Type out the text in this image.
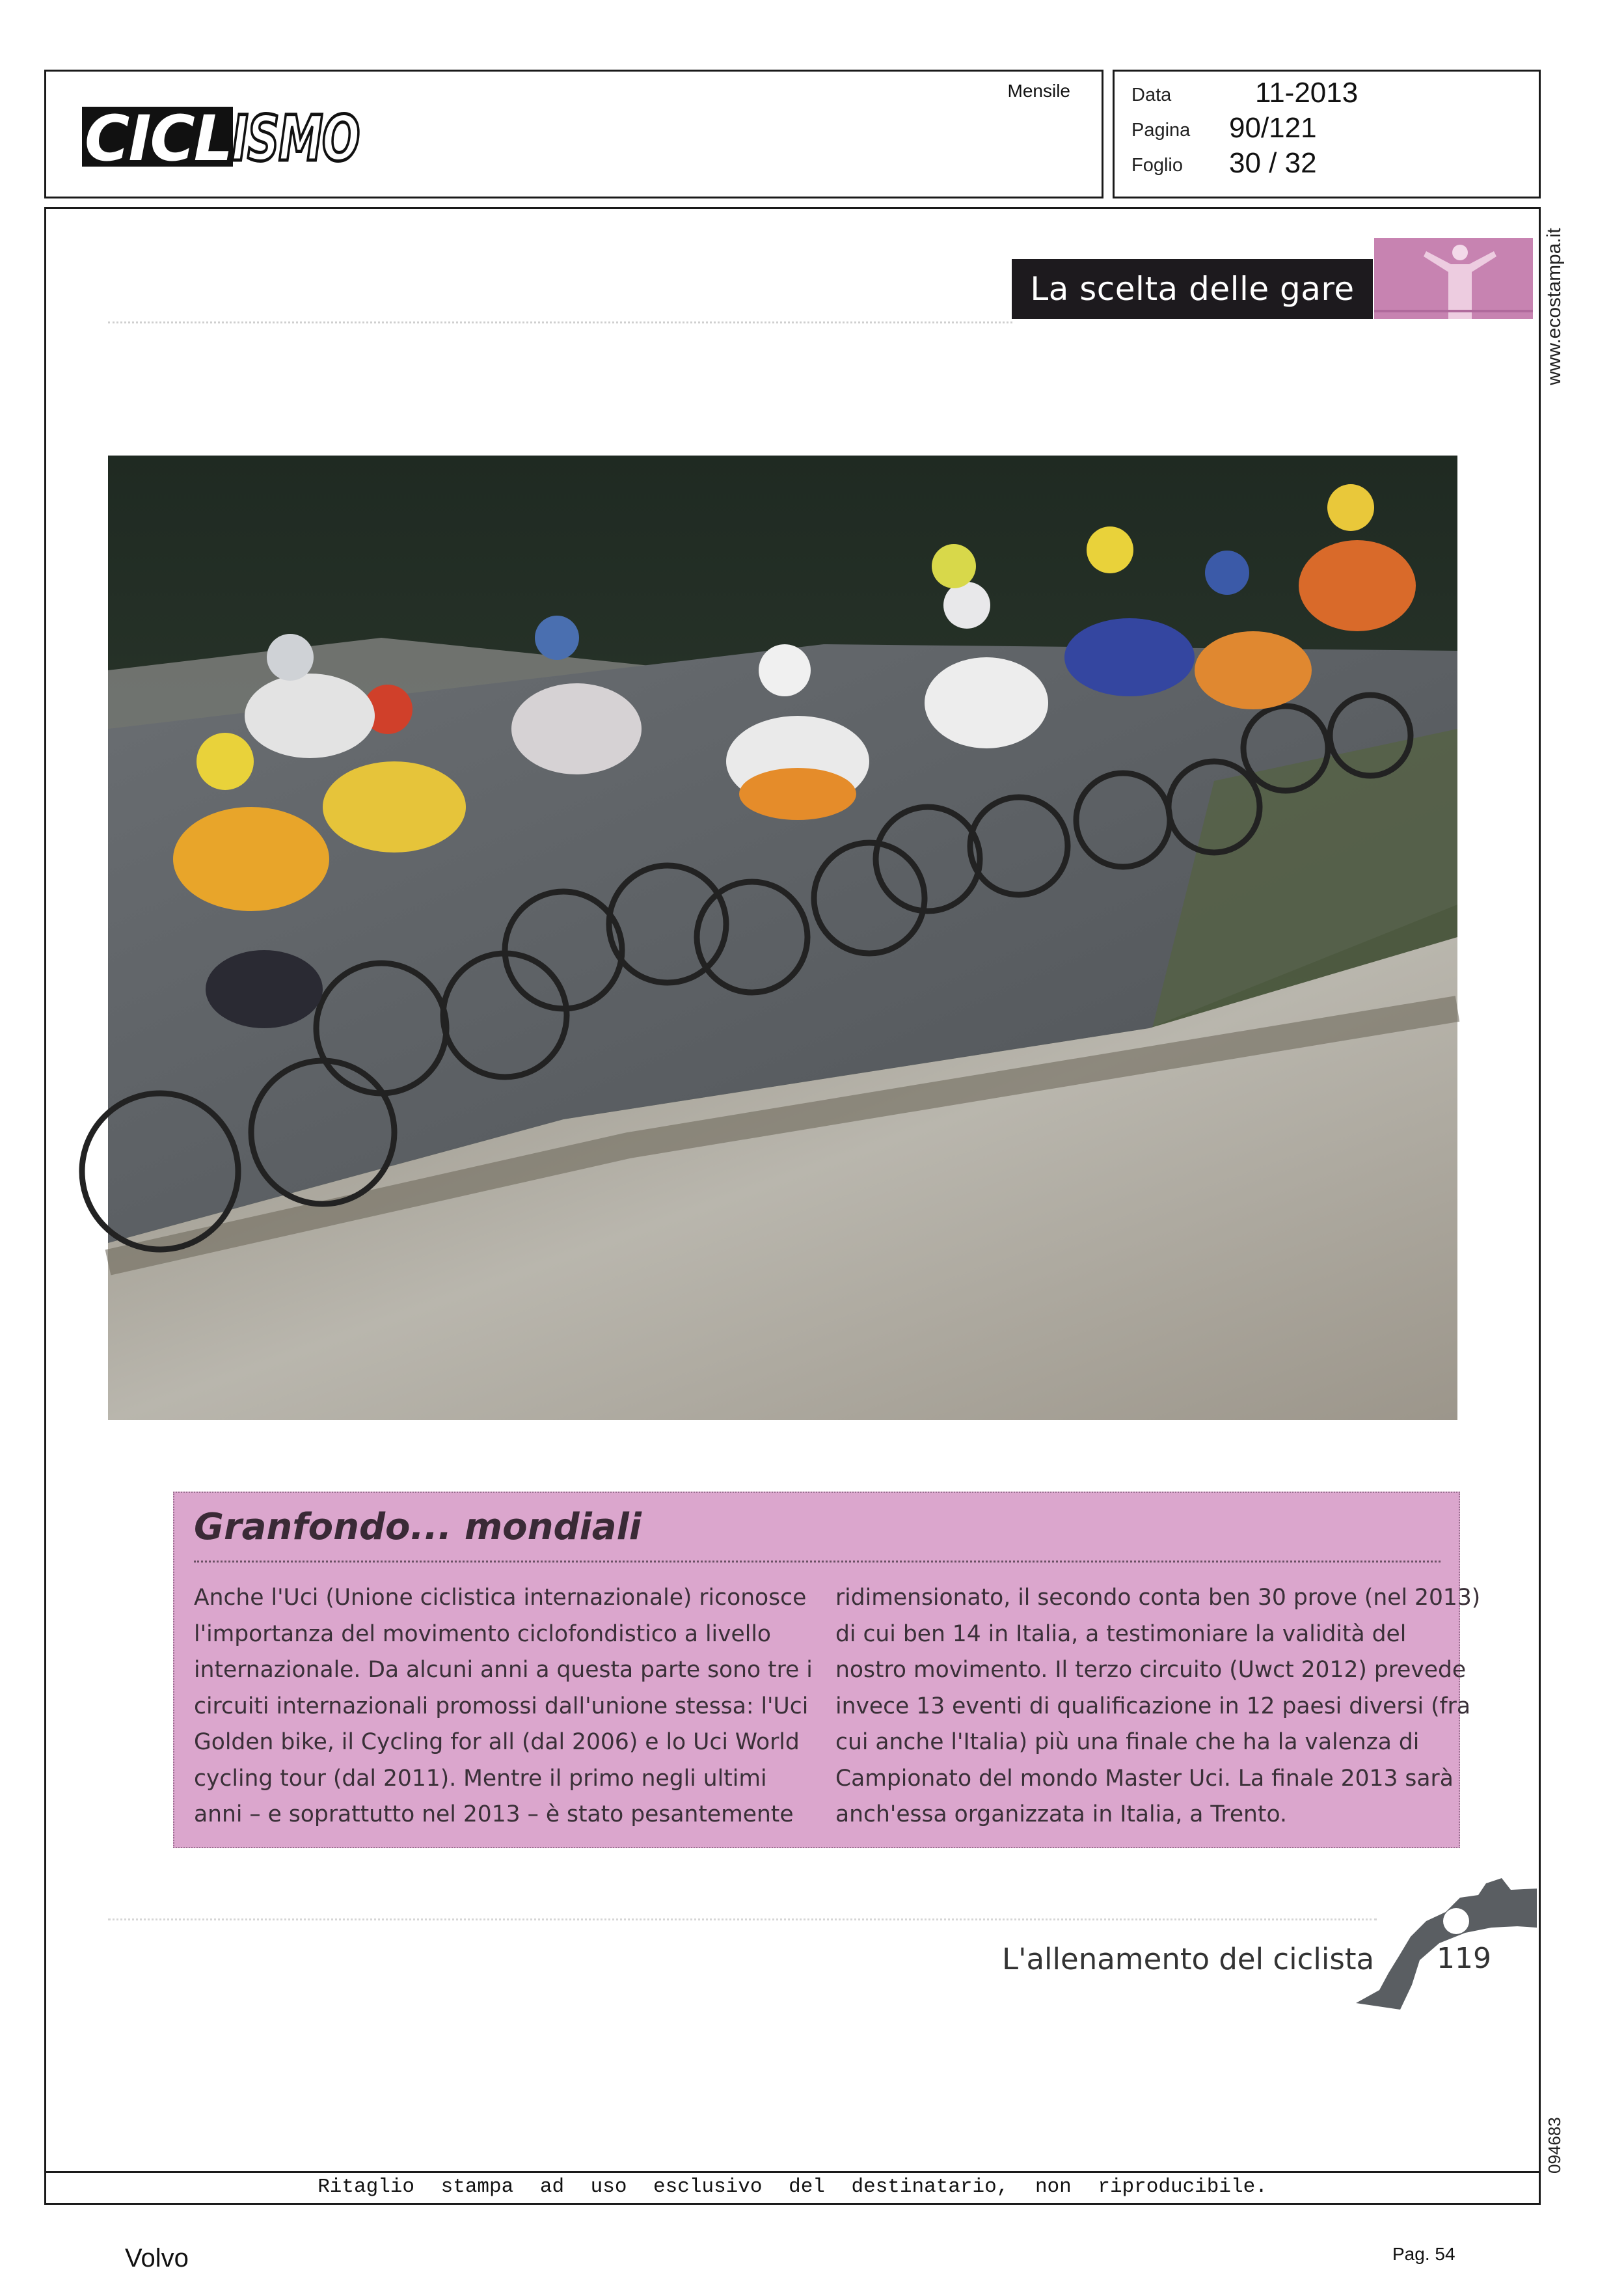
Mensile
CICL ISMO
Data	11-2013
Pagina 90/121
Foglio 30 / 32
Ritaglio stampa ad uso esclusivo del destinatario, non riproducibile.
www.ecostampa.it
094683
La scelta delle gare
Granfondo... mondiali
Anche l'Uci (Unione ciclistica internazionale) riconosce
l'importanza del movimento ciclofondistico a livello
internazionale. Da alcuni anni a questa parte sono tre i
circuiti internazionali promossi dall'unione stessa: l'Uci
Golden bike, il Cycling for all (dal 2006) e lo Uci World
cycling tour (dal 2011). Mentre il primo negli ultimi
anni – e soprattutto nel 2013 – è stato pesantemente
ridimensionato, il secondo conta ben 30 prove (nel 2013)
di cui ben 14 in Italia, a testimoniare la validità del
nostro movimento. Il terzo circuito (Uwct 2012) prevede
invece 13 eventi di qualificazione in 12 paesi diversi (fra
cui anche l'Italia) più una finale che ha la valenza di
Campionato del mondo Master Uci. La finale 2013 sarà
anch'essa organizzata in Italia, a Trento.
L'allenamento del ciclista 119
Volvo	Pag. 54
